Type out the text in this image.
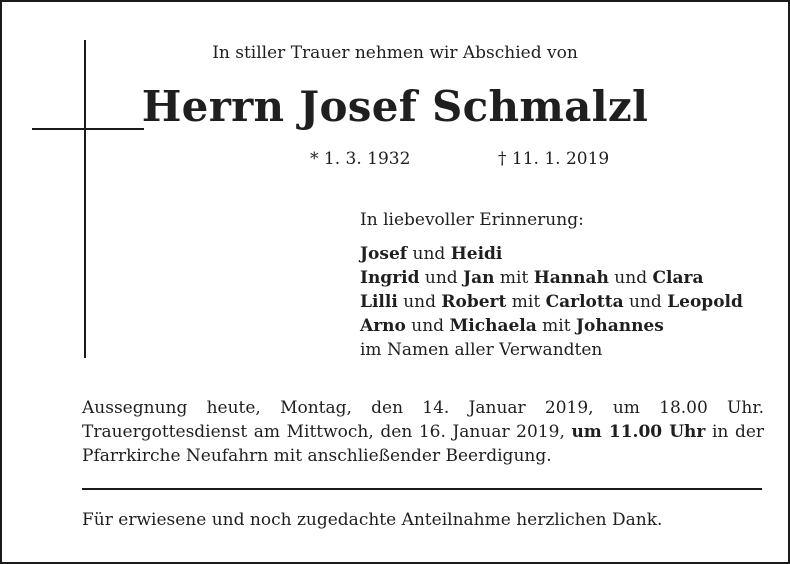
In stiller Trauer nehmen wir Abschied von
Herrn Josef Schmalzl
* 1. 3. 1932	† 11. 1. 2019
In liebevoller Erinnerung:
Josef und Heidi
Ingrid und Jan mit Hannah und Clara
Lilli und Robert mit Carlotta und Leopold
Arno und Michaela mit Johannes
im Namen aller Verwandten
Aussegnung heute, Montag, den 14. Januar 2019, um 18.00 Uhr. Trauergottesdienst am Mittwoch, den 16. Januar 2019, um 11.00 Uhr in der Pfarrkirche Neufahrn mit anschließender Beerdigung.
Für erwiesene und noch zugedachte Anteilnahme herzlichen Dank.
